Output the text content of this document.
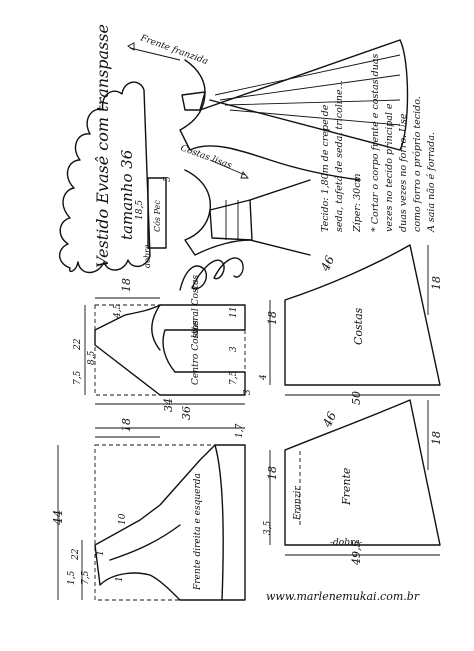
Vestido Evasê com transpasse tamanho 36
Frente franzida
Costas lisas
Cós Pec
18,5
dobra
5
Marlene Mukai
Tecido: 1,80m de crepe de seda, tafetá de seda, tricoline... Zíper: 30cm * Cortar o corpo frente e costas duas vezes no tecido principal e duas vezes no forro. Use como forro o próprio tecido. A saia não é forrada.
Tecido: 1,80m de crepe de seda, tafetá de seda, tricoline...
Cortar o corpo frente e costas duas vezes no tecido principal e duas vezes no forro. Use como forro o próprio tecido.
lateral Costas
Centro Costas
18
4,5
22
8,5
7,5
11
3
7,5
3
34
Frente direita e esquerda
18
36
1,7
44	10
22 1
1,5 7,5	1
Costas
46
18
18
4
50
Frente
Franzir
-dobra-
46
18
18
3,5
49,5
www.marlenemukai.com.br
Alça
4
